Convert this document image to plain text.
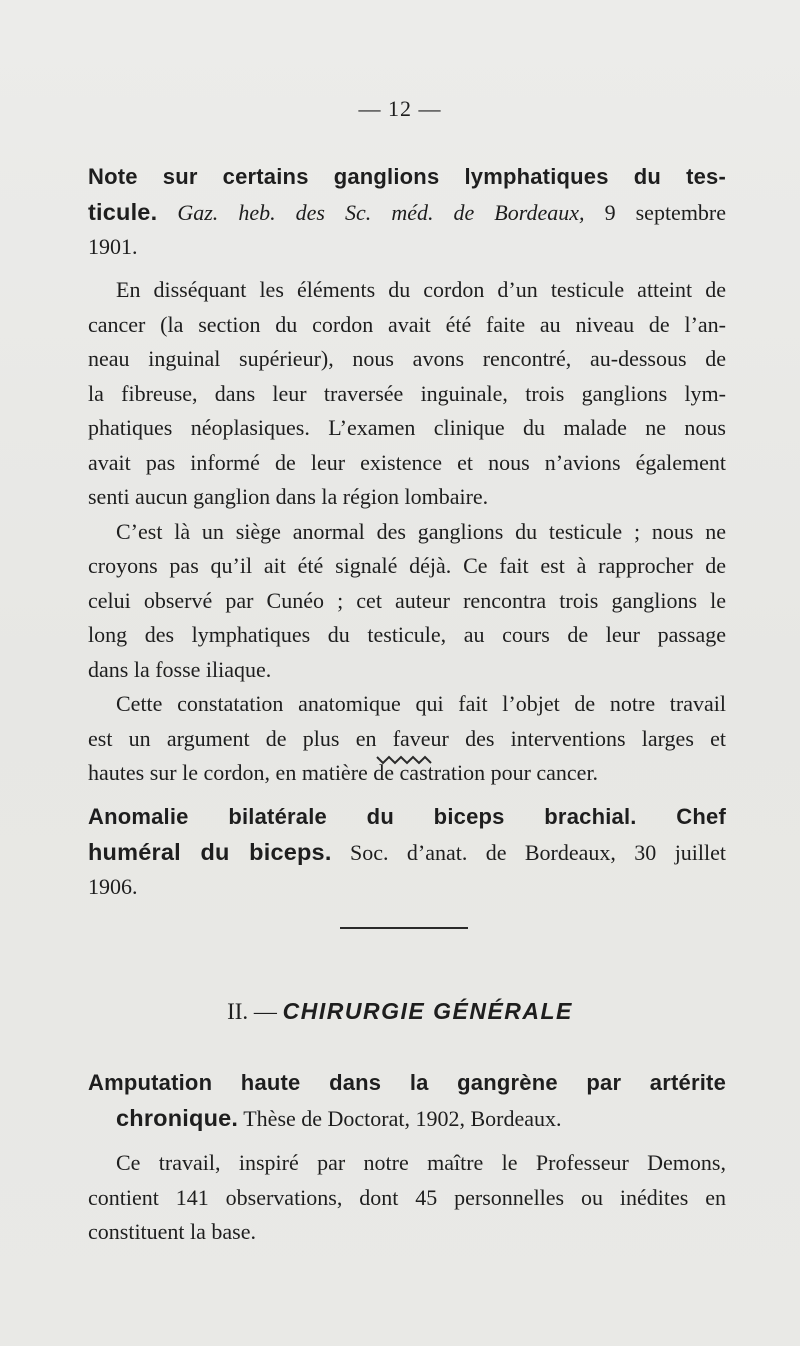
— 12 —
Note sur certains ganglions lymphatiques du tes-
ticule. Gaz. heb. des Sc. méd. de Bordeaux, 9 septembre
1901.
En disséquant les éléments du cordon d’un testicule atteint de
cancer (la section du cordon avait été faite au niveau de l’an-
neau inguinal supérieur), nous avons rencontré, au-dessous de
la fibreuse, dans leur traversée inguinale, trois ganglions lym-
phatiques néoplasiques. L’examen clinique du malade ne nous
avait pas informé de leur existence et nous n’avions également
senti aucun ganglion dans la région lombaire.
C’est là un siège anormal des ganglions du testicule ; nous ne
croyons pas qu’il ait été signalé déjà. Ce fait est à rapprocher de
celui observé par Cunéo ; cet auteur rencontra trois ganglions le
long des lymphatiques du testicule, au cours de leur passage
dans la fosse iliaque.
Cette constatation anatomique qui fait l’objet de notre travail
est un argument de plus en faveur des interventions larges et
hautes sur le cordon, en matière de castration pour cancer.
Anomalie bilatérale du biceps brachial. Chef
huméral du biceps. Soc. d’anat. de Bordeaux, 30 juillet
1906.
II. — CHIRURGIE GÉNÉRALE
Amputation haute dans la gangrène par artérite
chronique. Thèse de Doctorat, 1902, Bordeaux.
Ce travail, inspiré par notre maître le Professeur Demons,
contient 141 observations, dont 45 personnelles ou inédites en
constituent la base.
